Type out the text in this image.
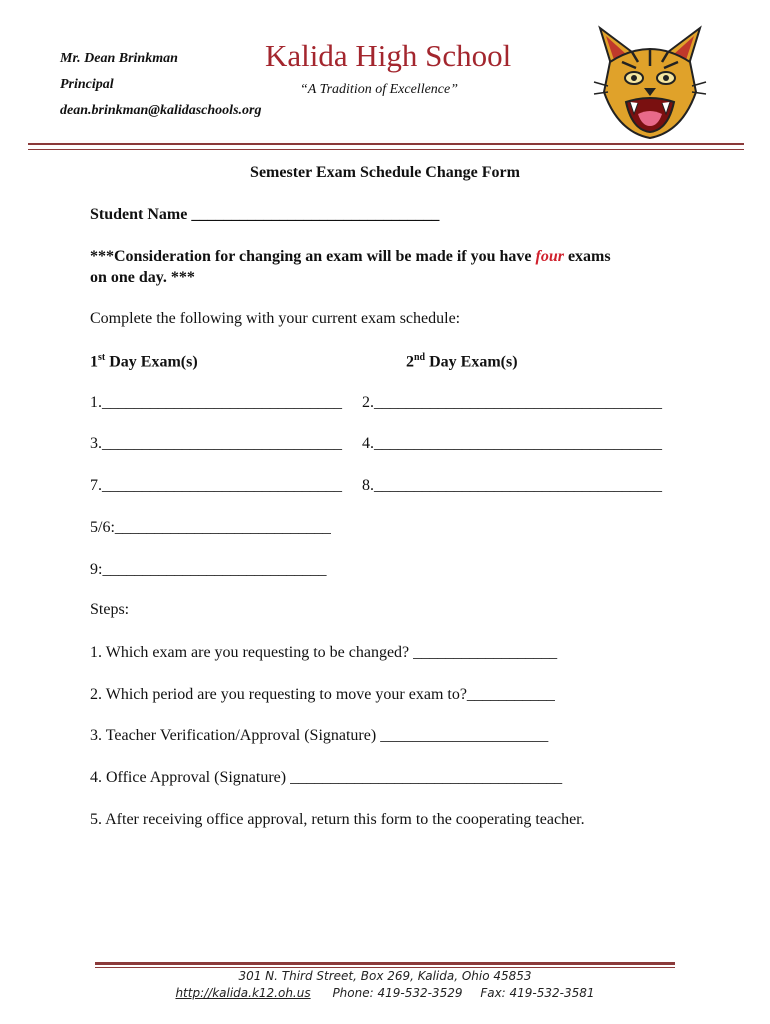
Mr. Dean Brinkman
Principal
dean.brinkman@kalidaschools.org
Kalida High School
“A Tradition of Excellence”
Semester Exam Schedule Change Form
Student Name _______________________________
***Consideration for changing an exam will be made if you have four exams
on one day. ***
Complete the following with your current exam schedule:
1st Day Exam(s)	2nd Day Exam(s)
1.______________________________ 2.____________________________________
3.______________________________ 4.____________________________________
7.______________________________ 8.____________________________________
5/6:___________________________
9:____________________________
Steps:
1. Which exam are you requesting to be changed? __________________
2. Which period are you requesting to move your exam to?___________
3. Teacher Verification/Approval (Signature) _____________________
4. Office Approval (Signature) __________________________________
5. After receiving office approval, return this form to the cooperating teacher.
301 N. Third Street, Box 269, Kalida, Ohio 45853
http://kalida.k12.oh.us Phone: 419-532-3529 Fax: 419-532-3581
